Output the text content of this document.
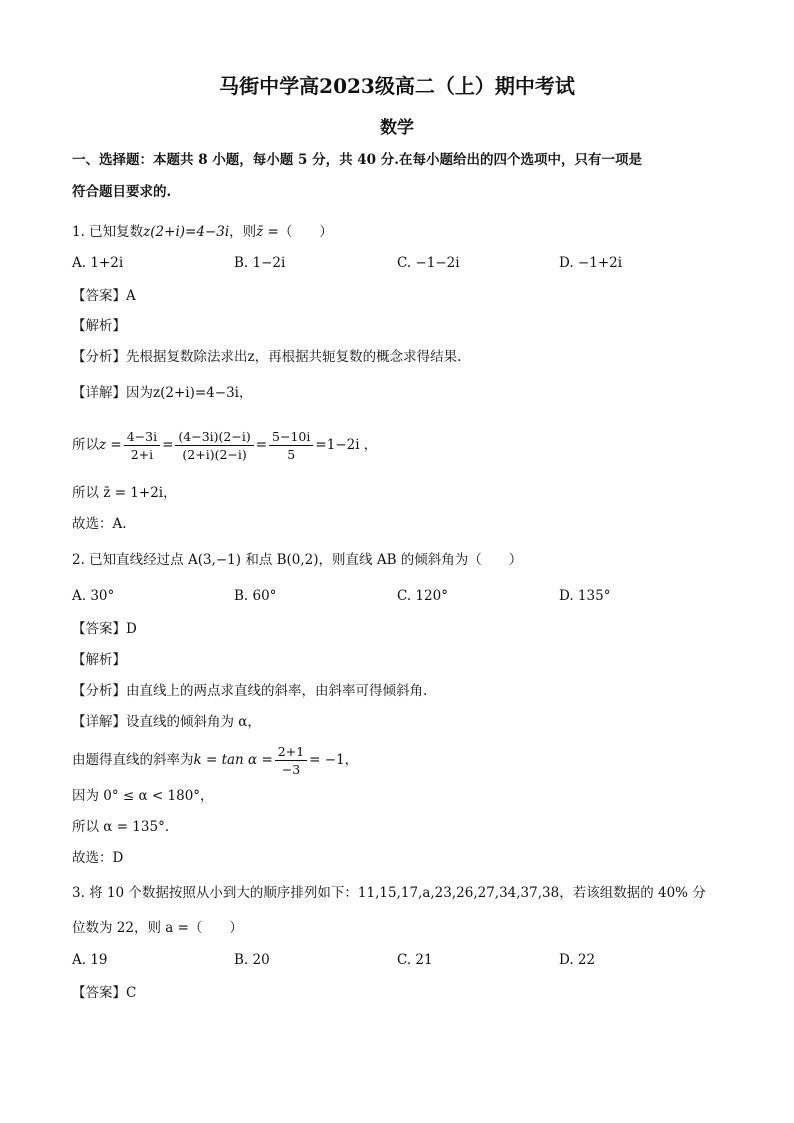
马街中学高2023级高二（上）期中考试
数学
一、选择题：本题共 8 小题，每小题 5 分，共 40 分.在每小题给出的四个选项中，只有一项是
符合题目要求的.
1. 已知复数z(2+i)=4−3i，则z̄ =（　　）
A. 1+2i	B. 1−2i	C. −1−2i	D. −1+2i
【答案】A
【解析】
【分析】先根据复数除法求出z，再根据共轭复数的概念求得结果.
【详解】因为z(2+i)=4−3i，
所以 $z = \frac{4-3i}{2+i} = \frac{(4-3i)(2-i)}{(2+i)(2-i)} = \frac{5-10i}{5} =1-2i$ ，
所以 z̄ = 1+2i，
故选：A.
2. 已知直线经过点 A(3,−1) 和点 B(0,2)，则直线 AB 的倾斜角为（　　）
A. 30°	B. 60°	C. 120°	D. 135°
【答案】D
【解析】
【分析】由直线上的两点求直线的斜率，由斜率可得倾斜角.
【详解】设直线的倾斜角为 α，
由题得直线的斜率为 $k = \tan \alpha = \frac{2+1}{-3} = -1$，
因为 0° ≤ α < 180°，
所以 α = 135°.
故选：D
3. 将 10 个数据按照从小到大的顺序排列如下：11,15,17,a,23,26,27,34,37,38，若该组数据的 40% 分
位数为 22，则 a =（　　）
A. 19	B. 20	C. 21	D. 22
【答案】C
